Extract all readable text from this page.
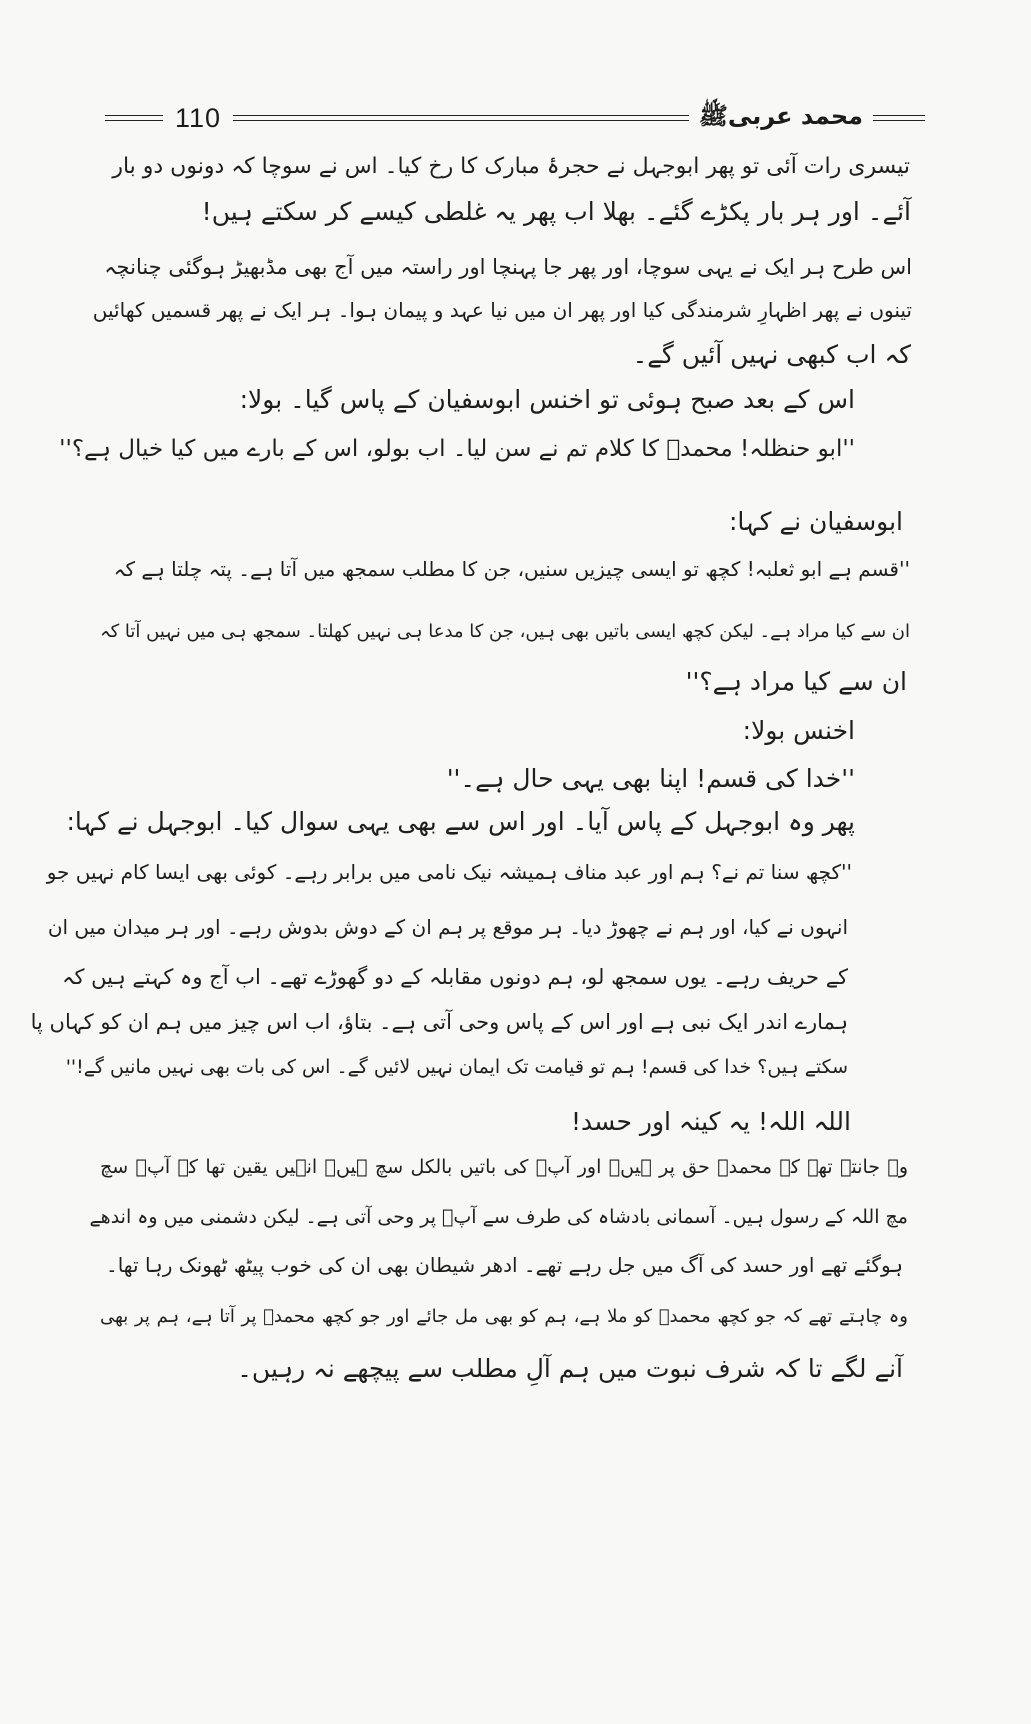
110	محمد عربیﷺ
تیسری رات آئی تو پھر ابوجہل نے حجرۂ مبارک کا رخ کیا۔ اس نے سوچا کہ دونوں دو بار
آئے۔ اور ہر بار پکڑے گئے۔ بھلا اب پھر یہ غلطی کیسے کر سکتے ہیں!
اس طرح ہر ایک نے یہی سوچا، اور پھر جا پہنچا اور راستہ میں آج بھی مڈبھیڑ ہوگئی چنانچہ
تینوں نے پھر اظہارِ شرمندگی کیا اور پھر ان میں نیا عہد و پیمان ہوا۔ ہر ایک نے پھر قسمیں کھائیں
کہ اب کبھی نہیں آئیں گے۔
اس کے بعد صبح ہوئی تو اخنس ابوسفیان کے پاس گیا۔ بولا:
''ابو حنظلہ! محمدؐ کا کلام تم نے سن لیا۔ اب بولو، اس کے بارے میں کیا خیال ہے؟''
ابوسفیان نے کہا:
''قسم ہے ابو ثعلبہ! کچھ تو ایسی چیزیں سنیں، جن کا مطلب سمجھ میں آتا ہے۔ پتہ چلتا ہے کہ
ان سے کیا مراد ہے۔ لیکن کچھ ایسی باتیں بھی ہیں، جن کا مدعا ہی نہیں کھلتا۔ سمجھ ہی میں نہیں آتا کہ
ان سے کیا مراد ہے؟''
اخنس بولا:
''خدا کی قسم! اپنا بھی یہی حال ہے۔''
پھر وہ ابوجہل کے پاس آیا۔ اور اس سے بھی یہی سوال کیا۔ ابوجہل نے کہا:
''کچھ سنا تم نے؟ ہم اور عبد مناف ہمیشہ نیک نامی میں برابر رہے۔ کوئی بھی ایسا کام نہیں جو
انہوں نے کیا، اور ہم نے چھوڑ دیا۔ ہر موقع پر ہم ان کے دوش بدوش رہے۔ اور ہر میدان میں ان
کے حریف رہے۔ یوں سمجھ لو، ہم دونوں مقابلہ کے دو گھوڑے تھے۔ اب آج وہ کہتے ہیں کہ
ہمارے اندر ایک نبی ہے اور اس کے پاس وحی آتی ہے۔ بتاؤ، اب اس چیز میں ہم ان کو کہاں پا
سکتے ہیں؟ خدا کی قسم! ہم تو قیامت تک ایمان نہیں لائیں گے۔ اس کی بات بھی نہیں مانیں گے!''
اللہ اللہ! یہ کینہ اور حسد!
وہ جانتے تھے کہ محمدؐ حق پر ہیں۔ اور آپؐ کی باتیں بالکل سچ ہیں۔ انہیں یقین تھا کہ آپؐ سچ
مچ اللہ کے رسول ہیں۔ آسمانی بادشاہ کی طرف سے آپؐ پر وحی آتی ہے۔ لیکن دشمنی میں وہ اندھے
ہوگئے تھے اور حسد کی آگ میں جل رہے تھے۔ ادھر شیطان بھی ان کی خوب پیٹھ ٹھونک رہا تھا۔
وہ چاہتے تھے کہ جو کچھ محمدؐ کو ملا ہے، ہم کو بھی مل جائے اور جو کچھ محمدؐ پر آتا ہے، ہم پر بھی
آنے لگے تا کہ شرف نبوت میں ہم آلِ مطلب سے پیچھے نہ رہیں۔
